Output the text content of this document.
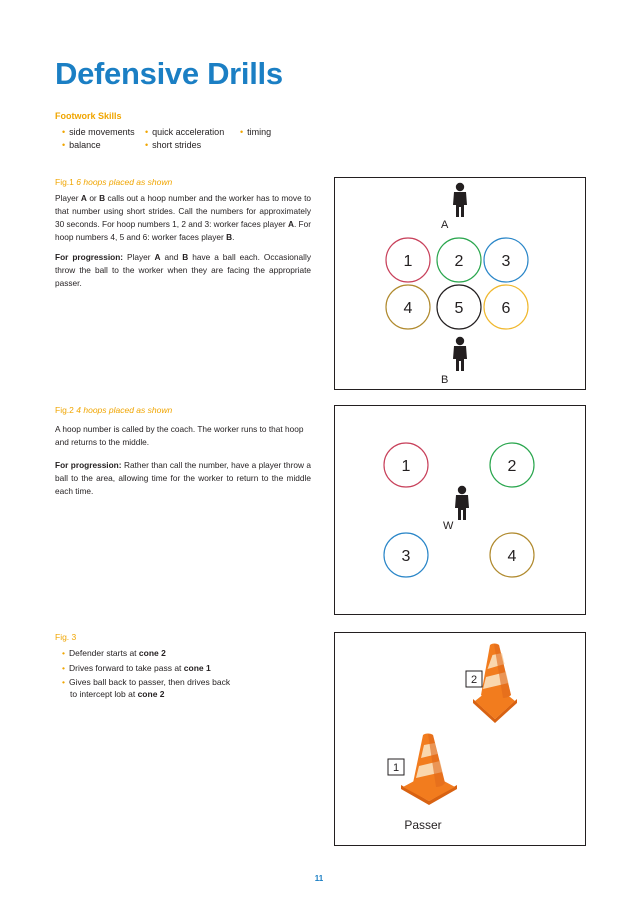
Defensive Drills
Footwork Skills
• side movements • quick acceleration • timing
• balance	• short strides
Fig.1 6 hoops placed as shown
Player A or B calls out a hoop number and the worker has to move to that number using short strides. Call the numbers for approximately 30 seconds. For hoop numbers 1, 2 and 3: worker faces player A. For hoop numbers 4, 5 and 6: worker faces player B.
For progression: Player A and B have a ball each. Occasionally throw the ball to the worker when they are facing the appropriate passer.
A
1	2 3
4	5 6
B
Fig.2 4 hoops placed as shown
A hoop number is called by the coach. The worker runs to that hoop and returns to the middle.
For progression: Rather than call the number, have a player throw a ball to the area, allowing time for the worker to return to the middle each time.
1	2
3	4
W
Fig. 3
• Defender starts at cone 2
• Drives forward to take pass at cone 1
• Gives ball back to passer, then drives back
to intercept lob at cone 2
2
1
Passer
11
